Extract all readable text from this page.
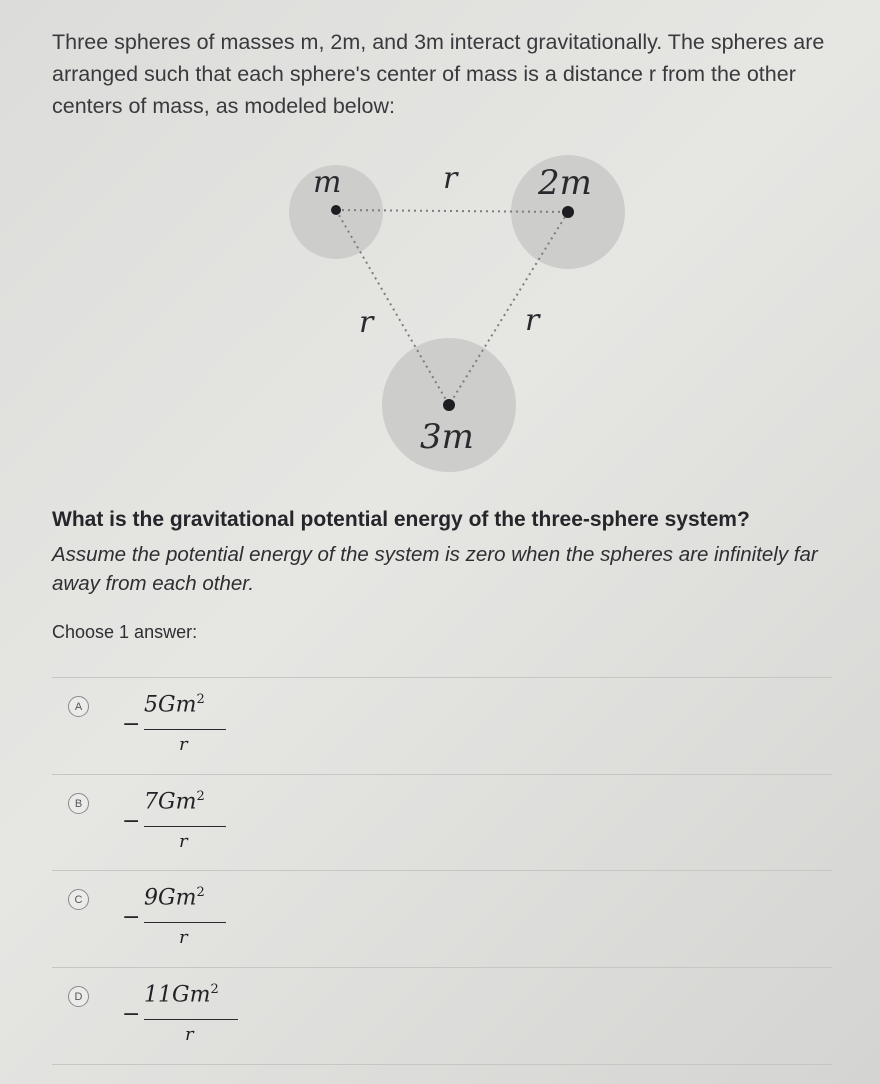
Three spheres of masses m, 2m, and 3m interact gravitationally. The spheres are arranged such that each sphere's center of mass is a distance r from the other centers of mass, as modeled below:
m	2m
3m
r
r	r
What is the gravitational potential energy of the three-sphere system?
Assume the potential energy of the system is zero when the spheres are infinitely far away from each other.
Choose 1 answer:
A
−
$5Gm^2$
r
B
−
$7Gm^2$
r
C
−
$9Gm^2$
r
D
−
$11Gm^2$
r
